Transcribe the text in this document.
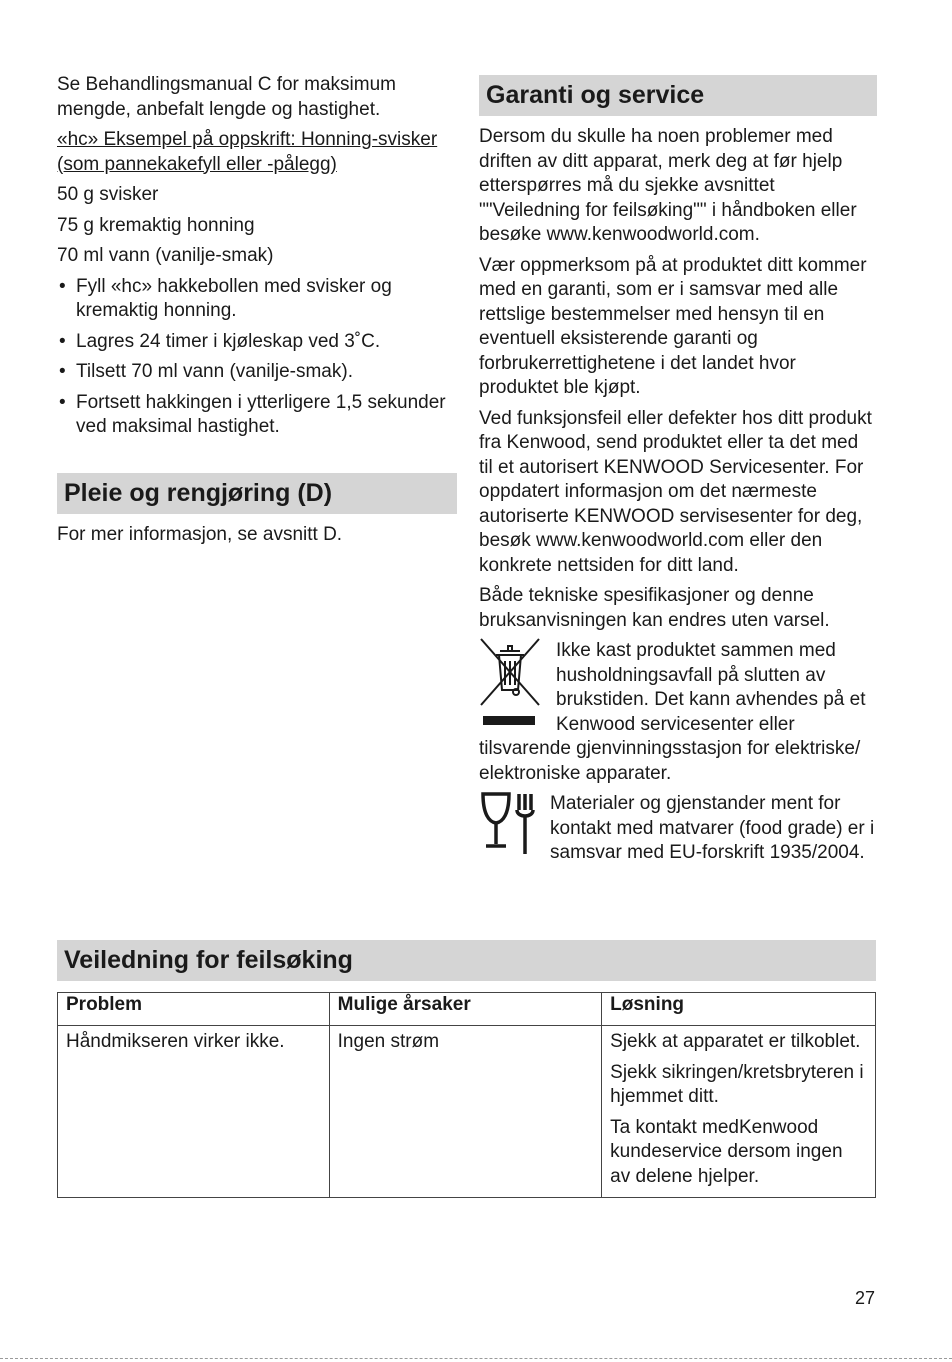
Se Behandlingsmanual C for maksimum mengde, anbefalt lengde og hastighet.

«hc» Eksempel på oppskrift: Honning-svisker (som pannekakefyll eller -pålegg)

50 g svisker

75 g kremaktig honning

70 ml vann (vanilje-smak)

• Fyll «hc» hakkebollen med svisker og kremaktig honning.
• Lagres 24 timer i kjøleskap ved 3˚C.
• Tilsett 70 ml vann (vanilje-smak).
• Fortsett hakkingen i ytterligere 1,5 sekunder ved maksimal hastighet.
Pleie og rengjøring (D)

For mer informasjon, se avsnitt D.

Garanti og service

Dersom du skulle ha noen problemer med driften av ditt apparat, merk deg at før hjelp etterspørres må du sjekke avsnittet ""Veiledning for feilsøking"" i håndboken eller besøke www.kenwoodworld.com.

Vær oppmerksom på at produktet ditt kommer med en garanti, som er i samsvar med alle rettslige bestemmelser med hensyn til en eventuell eksisterende garanti og forbrukerrettighetene i det landet hvor produktet ble kjøpt.

Ved funksjonsfeil eller defekter hos ditt produkt fra Kenwood, send produktet eller ta det med til et autorisert KENWOOD Servicesenter. For oppdatert informasjon om det nærmeste autoriserte KENWOOD servisesenter for deg, besøk www.kenwoodworld.com eller den konkrete nettsiden for ditt land.

Både tekniske spesifikasjoner og denne bruksanvisningen kan endres uten varsel.

Ikke kast produktet sammen med husholdningsavfall på slutten av brukstiden. Det kann avhendes på et Kenwood servicesenter eller tilsvarende gjenvinningsstasjon for elektriske/ elektroniske apparater.

Materialer og gjenstander ment for kontakt med matvarer (food grade) er i samsvar med EU-forskrift 1935/2004.

Veiledning for feilsøking
Problem	Mulige årsaker	Løsning
Håndmikseren virker ikke.	Ingen strøm	Sjekk at apparatet er tilkoblet.

Sjekk sikringen/kretsbryteren i hjemmet ditt.

Ta kontakt medKenwood kundeservice dersom ingen av delene hjelper.

27
